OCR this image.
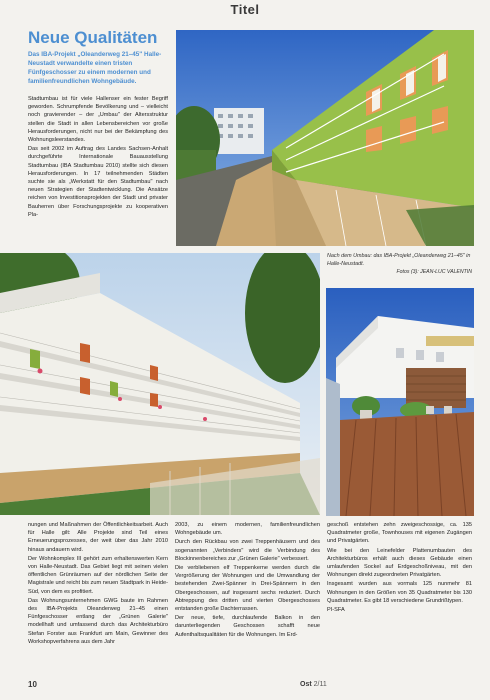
Titel
Neue Qualitäten
Das IBA-Projekt „Oleanderweg 21–45" Halle-Neustadt verwandelte einen tristen Fünfgeschosser zu einem modernen und familienfreundlichen Wohngebäude.

Stadtumbau ist für viele Hallenser ein fester Begriff geworden. Schrumpfende Bevölkerung und – vielleicht noch gravierender – der „Umbau" der Altersstruktur stellen die Stadt in allen Lebensbereichen vor große Herausforderungen, nicht nur bei der Bekämpfung des Wohnungsleerstandes.

Das seit 2002 im Auftrag des Landes Sachsen-Anhalt durchgeführte Internationale Bauausstellung Stadtumbau (IBA Stadtumbau 2010) stellte sich diesen Herausforderungen. In 17 teilnehmenden Städten suchte sie als „Werkstatt für den Stadtumbau" nach neuen Strategien der Stadtentwicklung. Die Ansätze reichen von Investitionsprojekten der Stadt und privater Bauherren über Forschungsprojekte zu kooperativen Pla-

Nach dem Umbau: das IBA-Projekt „Oleanderweg 21–45" in Halle-Neustadt.
Fotos (3): JEAN-LUC VALENTIN

nungen und Maßnahmen der Öffentlichkeitsarbeit. Auch für Halle gilt: Alle Projekte sind Teil eines Erneuerungsprozesses, der weit über das Jahr 2010 hinaus andauern wird.

Der Wohnkomplex III gehört zum erhaltenswerten Kern von Halle-Neustadt. Das Gebiet liegt mit seinen vielen öffentlichen Grünräumen auf der nördlichen Seite der Magistrale und reicht bis zum neuen Stadtpark in Heide-Süd, von dem es profitiert.

Das Wohnungsunternehmen GWG baute im Rahmen des IBA-Projekts Oleanderweg 21–45 einen Fünfgeschosser entlang der „Grünen Galerie" modellhaft und umfassend durch das Architekturbüro Stefan Forster aus Frankfurt am Main, Gewinner des Workshopverfahrens aus dem Jahr

2003, zu einem modernen, familienfreundlichen Wohngebäude um.

Durch den Rückbau von zwei Treppenhäusern und des sogenannten „Verbinders" wird die Verbindung des Blockinnenbereiches zur „Grünen Galerie" verbessert.

Die verbliebenen elf Treppenkerne werden durch die Vergrößerung der Wohnungen und die Umwandlung der bestehenden Zwei-Spänner in Drei-Spännern in den Obergeschossen, auf insgesamt sechs reduziert. Durch Abtreppung des dritten und vierten Obergeschosses entstanden große Dachterrassen.

Der neue, tiefe, durchlaufende Balkon in den darunterliegenden Geschossen schafft neue Aufenthaltsqualitäten für die Wohnungen. Im Erd-

geschoß entstehen zehn zweigeschossige, ca. 135 Quadratmeter große, Townhouses mit eigenen Zugängen und Privatgärten.

Wie bei den Leinefelder Plattenumbauten des Architekturbüros erhält auch dieses Gebäude einen umlaufenden Sockel auf Erdgeschoßniveau, mit den Wohnungen direkt zugeordneten Privatgärten.

Insgesamt wurden aus vormals 125 nunmehr 81 Wohnungen in den Größen von 35 Quadratmeter bis 130 Quadratmeter. Es gibt 18 verschiedene Grundrißtypen.

PI-SFA

10	Ost 2/11
